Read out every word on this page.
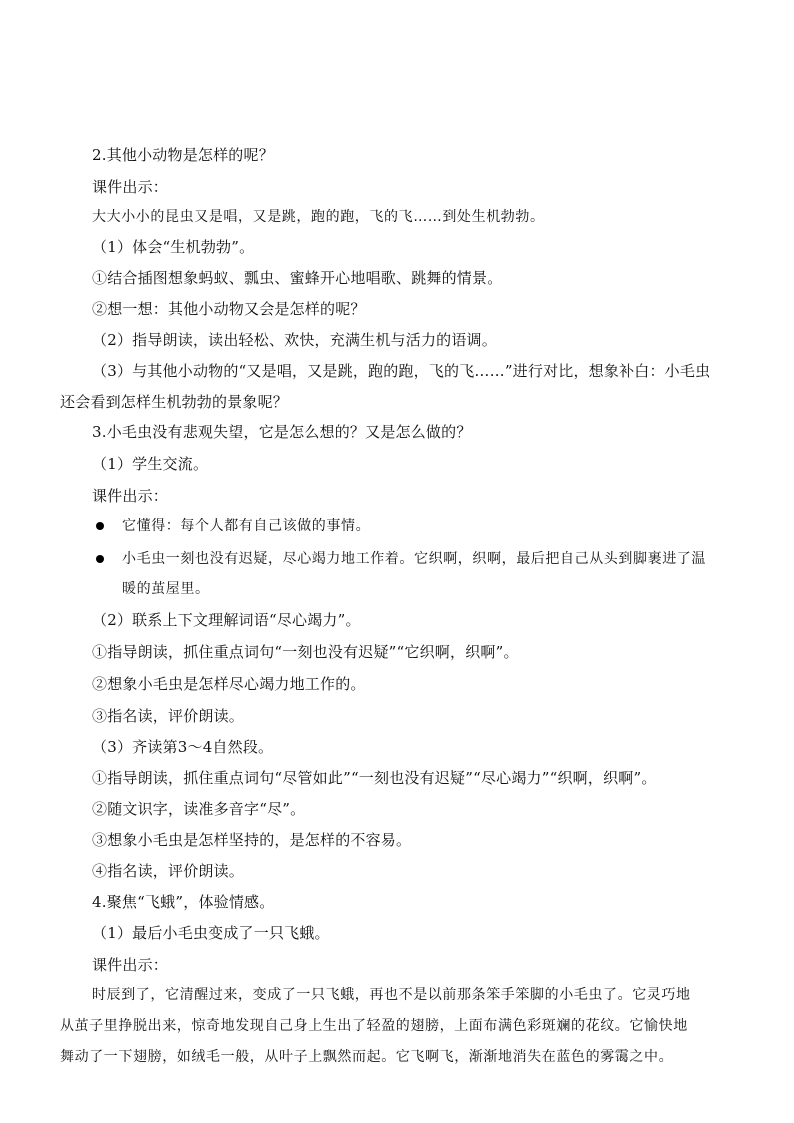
2.其他小动物是怎样的呢？
课件出示：
大大小小的昆虫又是唱，又是跳，跑的跑，飞的飞……到处生机勃勃。
（1）体会“生机勃勃”。
①结合插图想象蚂蚁、瓢虫、蜜蜂开心地唱歌、跳舞的情景。
②想一想：其他小动物又会是怎样的呢？
（2）指导朗读，读出轻松、欢快，充满生机与活力的语调。
（3）与其他小动物的“又是唱，又是跳，跑的跑，飞的飞……”进行对比，想象补白：小毛虫
还会看到怎样生机勃勃的景象呢？
3.小毛虫没有悲观失望，它是怎么想的？又是怎么做的？
（1）学生交流。
课件出示：
它懂得：每个人都有自己该做的事情。
小毛虫一刻也没有迟疑，尽心竭力地工作着。它织啊，织啊，最后把自己从头到脚裹进了温
暖的茧屋里。
（2）联系上下文理解词语“尽心竭力”。
①指导朗读，抓住重点词句“一刻也没有迟疑”“它织啊，织啊”。
②想象小毛虫是怎样尽心竭力地工作的。
③指名读，评价朗读。
（3）齐读第3～4自然段。
①指导朗读，抓住重点词句“尽管如此”“一刻也没有迟疑”“尽心竭力”“织啊，织啊”。
②随文识字，读准多音字“尽”。
③想象小毛虫是怎样坚持的，是怎样的不容易。
④指名读，评价朗读。
4.聚焦“飞蛾”，体验情感。
（1）最后小毛虫变成了一只飞蛾。
课件出示：
时辰到了，它清醒过来，变成了一只飞蛾，再也不是以前那条笨手笨脚的小毛虫了。它灵巧地
从茧子里挣脱出来，惊奇地发现自己身上生出了轻盈的翅膀，上面布满色彩斑斓的花纹。它愉快地
舞动了一下翅膀，如绒毛一般，从叶子上飘然而起。它飞啊飞，渐渐地消失在蓝色的雾霭之中。
